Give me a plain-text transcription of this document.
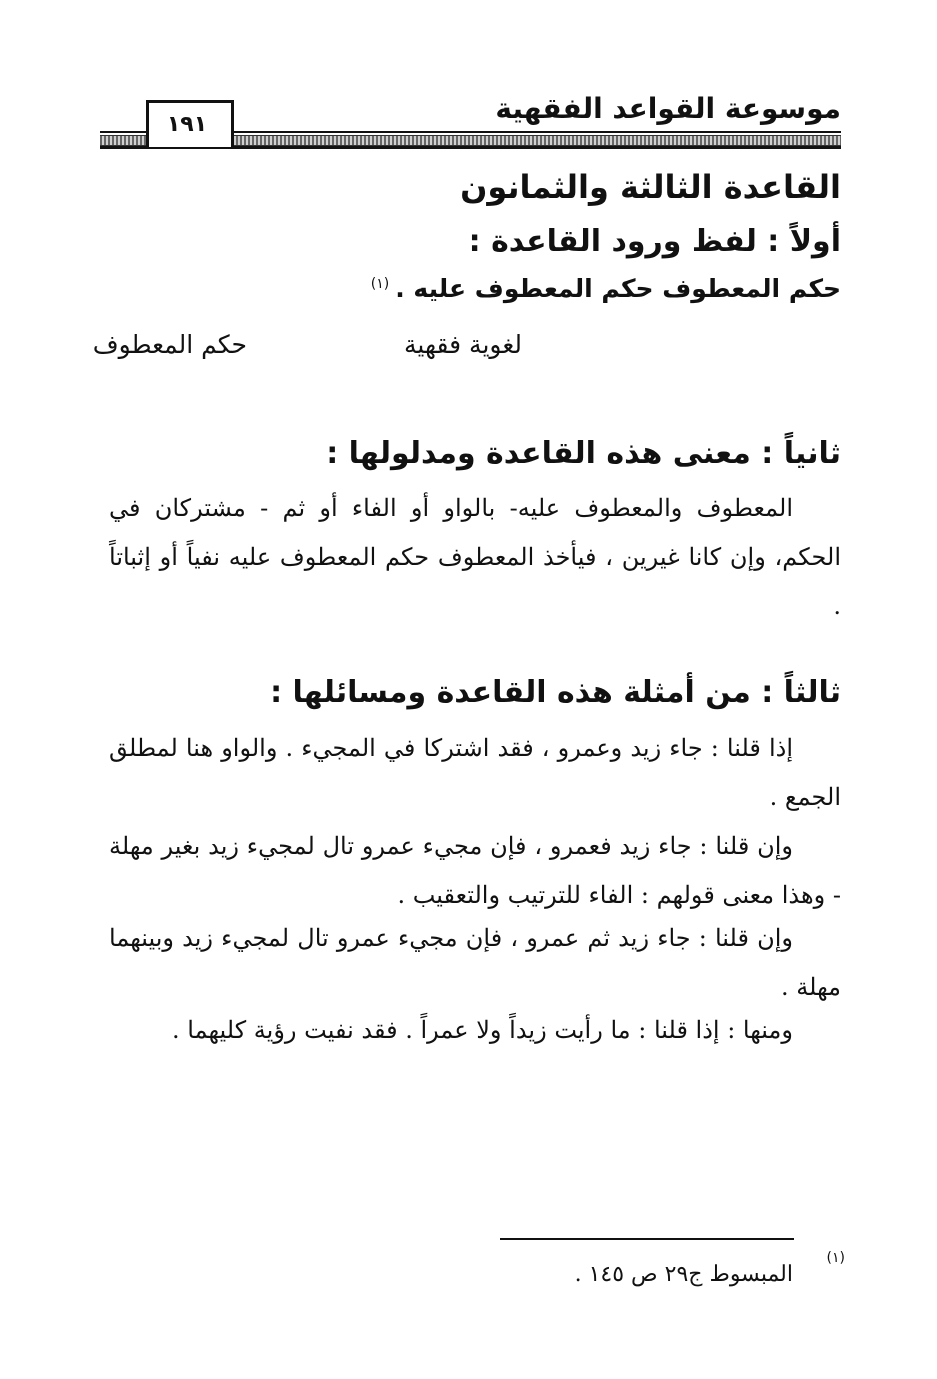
موسوعة القواعد الفقهية
١٩١
القاعدة الثالثة والثمانون
أولاً : لفظ ورود القاعدة :
حكم المعطوف حكم المعطوف عليه .$^{(١)}$
لغوية فقهية
حكم المعطوف
ثانياً : معنى هذه القاعدة ومدلولها :
المعطوف والمعطوف عليه- بالواو أو الفاء أو ثم - مشتركان في الحكم، وإن كانا غيرين ، فيأخذ المعطوف حكم المعطوف عليه نفياً أو إثباتاً .
ثالثاً : من أمثلة هذه القاعدة ومسائلها :
إذا قلنا : جاء زيد وعمرو ، فقد اشتركا في المجيء . والواو هنا لمطلق الجمع .
وإن قلنا : جاء زيد فعمرو ، فإن مجيء عمرو تال لمجيء زيد بغير مهلة - وهذا معنى قولهم : الفاء للترتيب والتعقيب .
وإن قلنا : جاء زيد ثم عمرو ، فإن مجيء عمرو تال لمجيء زيد وبينهما مهلة .
ومنها : إذا قلنا : ما رأيت زيداً ولا عمراً . فقد نفيت رؤية كليهما .
(١)
المبسوط ج٢٩ ص ١٤٥ .
